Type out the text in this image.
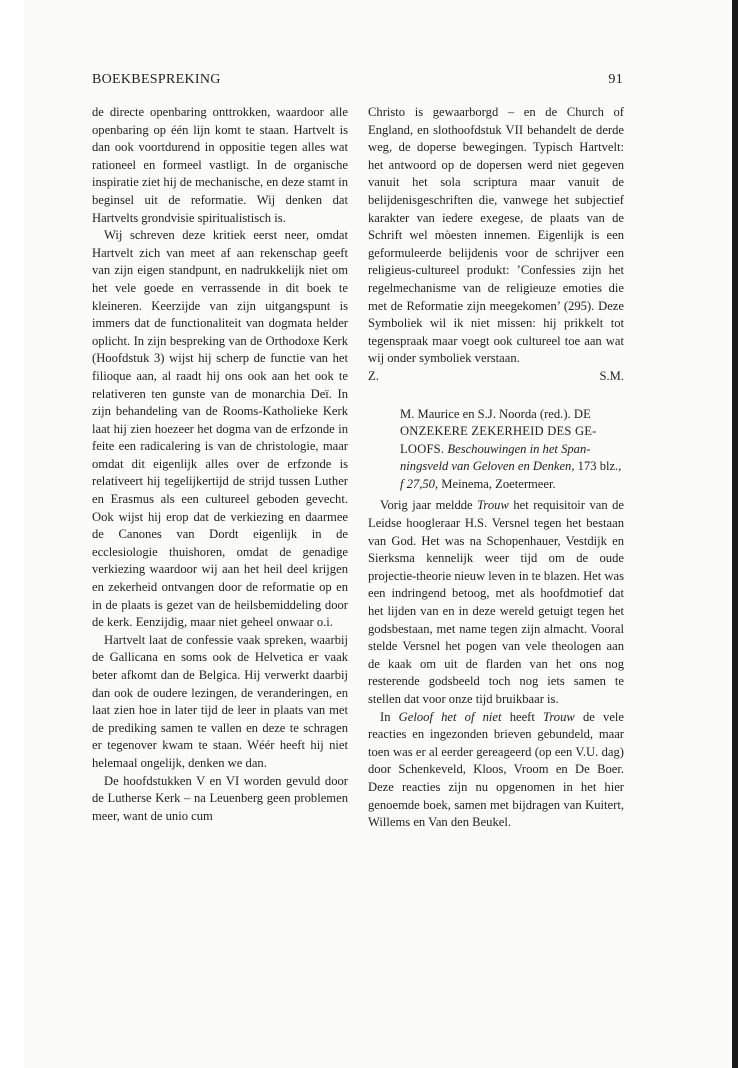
BOEKBESPREKING	91

de directe openbaring onttrokken, waardoor alle openbaring op één lijn komt te staan. Hartvelt is dan ook voortdurend in oppositie tegen alles wat rationeel en formeel vastligt. In de organische inspiratie ziet hij de mechanische, en deze stamt in beginsel uit de reformatie. Wij denken dat Hartvelts grondvisie spiritualistisch is.

Wij schreven deze kritiek eerst neer, omdat Hartvelt zich van meet af aan rekenschap geeft van zijn eigen standpunt, en nadrukkelijk niet om het vele goede en verrassende in dit boek te kleineren. Keerzijde van zijn uitgangspunt is immers dat de functionaliteit van dogmata helder oplicht. In zijn bespreking van de Orthodoxe Kerk (Hoofdstuk 3) wijst hij scherp de functie van het filioque aan, al raadt hij ons ook aan het ook te relativeren ten gunste van de monarchia Deï. In zijn behandeling van de Rooms-Katholieke Kerk laat hij zien hoezeer het dogma van de erfzonde in feite een radicalering is van de christologie, maar omdat dit eigenlijk alles over de erfzonde is relativeert hij tegelijkertijd de strijd tussen Luther en Erasmus als een cultureel geboden gevecht. Ook wijst hij erop dat de verkiezing en daarmee de Canones van Dordt eigenlijk in de ecclesiologie thuishoren, omdat de genadige verkiezing waardoor wij aan het heil deel krijgen en zekerheid ontvangen door de reformatie op en in de plaats is gezet van de heilsbemiddeling door de kerk. Eenzijdig, maar niet geheel onwaar o.i.

Hartvelt laat de confessie vaak spreken, waarbij de Gallicana en soms ook de Helvetica er vaak beter afkomt dan de Belgica. Hij verwerkt daarbij dan ook de oudere lezingen, de veranderingen, en laat zien hoe in later tijd de leer in plaats van met de prediking samen te vallen en deze te schragen er tegenover kwam te staan. Wéér heeft hij niet helemaal ongelijk, denken we dan.

De hoofdstukken V en VI worden gevuld door de Lutherse Kerk – na Leuenberg geen problemen meer, want de unio cum

Christo is gewaarborgd – en de Church of England, en slothoofdstuk VII behandelt de derde weg, de doperse bewegingen. Typisch Hartvelt: het antwoord op de dopersen werd niet gegeven vanuit het sola scriptura maar vanuit de belijdenisgeschriften die, vanwege het subjectief karakter van iedere exegese, de plaats van de Schrift wel mòesten innemen. Eigenlijk is een geformuleerde belijdenis voor de schrijver een religieus-cultureel produkt: ’Confessies zijn het regelmechanisme van de religieuze emoties die met de Reformatie zijn meegekomen’ (295). Deze Symboliek wil ik niet missen: hij prikkelt tot tegenspraak maar voegt ook cultureel toe aan wat wij onder symboliek verstaan.

Z.	S.M.
M. Maurice en S.J. Noorda (red.). DE ONZEKERE ZEKERHEID DES GELOOFS. Beschouwingen in het Spanningsveld van Geloven en Denken, 173 blz., f 27,50, Meinema, Zoetermeer.

Vorig jaar meldde Trouw het requisitoir van de Leidse hoogleraar H.S. Versnel tegen het bestaan van God. Het was na Schopenhauer, Vestdijk en Sierksma kennelijk weer tijd om de oude projectie-theorie nieuw leven in te blazen. Het was een indringend betoog, met als hoofdmotief dat het lijden van en in deze wereld getuigt tegen het godsbestaan, met name tegen zijn almacht. Vooral stelde Versnel het pogen van vele theologen aan de kaak om uit de flarden van het ons nog resterende godsbeeld toch nog iets samen te stellen dat voor onze tijd bruikbaar is.

In Geloof het of niet heeft Trouw de vele reacties en ingezonden brieven gebundeld, maar toen was er al eerder gereageerd (op een V.U. dag) door Schenkeveld, Kloos, Vroom en De Boer. Deze reacties zijn nu opgenomen in het hier genoemde boek, samen met bijdragen van Kuitert, Willems en Van den Beukel.
